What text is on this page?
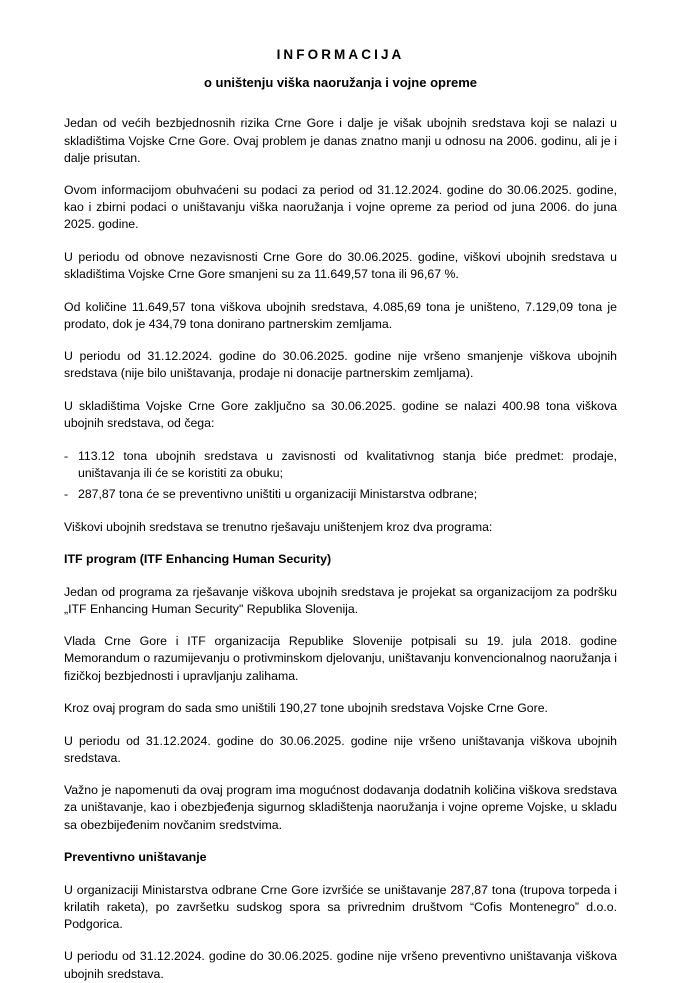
INFORMACIJA
o uništenju viška naoružanja i vojne opreme

Jedan od većih bezbjednosnih rizika Crne Gore i dalje je višak ubojnih sredstava koji se nalazi u skladištima Vojske Crne Gore. Ovaj problem je danas znatno manji u odnosu na 2006. godinu, ali je i dalje prisutan.

Ovom informacijom obuhvaćeni su podaci za period od 31.12.2024. godine do 30.06.2025. godine, kao i zbirni podaci o uništavanju viška naoružanja i vojne opreme za period od juna 2006. do juna 2025. godine.

U periodu od obnove nezavisnosti Crne Gore do 30.06.2025. godine, viškovi ubojnih sredstava u skladištima Vojske Crne Gore smanjeni su za 11.649,57 tona ili 96,67 %.

Od količine 11.649,57 tona viškova ubojnih sredstava, 4.085,69 tona je uništeno, 7.129,09 tona je prodato, dok je 434,79 tona donirano partnerskim zemljama.

U periodu od 31.12.2024. godine do 30.06.2025. godine nije vršeno smanjenje viškova ubojnih sredstava (nije bilo uništavanja, prodaje ni donacije partnerskim zemljama).

U skladištima Vojske Crne Gore zaključno sa 30.06.2025. godine se nalazi 400.98 tona viškova ubojnih sredstava, od čega:

- 113.12 tona ubojnih sredstava u zavisnosti od kvalitativnog stanja biće predmet: prodaje, uništavanja ili će se koristiti za obuku;
- 287,87 tona će se preventivno uništiti u organizaciji Ministarstva odbrane;

Viškovi ubojnih sredstava se trenutno rješavaju uništenjem kroz dva programa:

ITF program (ITF Enhancing Human Security)

Jedan od programa za rješavanje viškova ubojnih sredstava je projekat sa organizacijom za podršku „ITF Enhancing Human Security" Republika Slovenija.

Vlada Crne Gore i ITF organizacija Republike Slovenije potpisali su 19. jula 2018. godine Memorandum o razumijevanju o protivminskom djelovanju, uništavanju konvencionalnog naoružanja i fizičkoj bezbjednosti i upravljanju zalihama.

Kroz ovaj program do sada smo uništili 190,27 tone ubojnih sredstava Vojske Crne Gore.

U periodu od 31.12.2024. godine do 30.06.2025. godine nije vršeno uništavanja viškova ubojnih sredstava.

Važno je napomenuti da ovaj program ima mogućnost dodavanja dodatnih količina viškova sredstava za uništavanje, kao i obezbjeđenja sigurnog skladištenja naoružanja i vojne opreme Vojske, u skladu sa obezbijeđenim novčanim sredstvima.

Preventivno uništavanje

U organizaciji Ministarstva odbrane Crne Gore izvršiće se uništavanje 287,87 tona (trupova torpeda i krilatih raketa), po završetku sudskog spora sa privrednim društvom “Cofis Montenegro” d.o.o. Podgorica.

U periodu od 31.12.2024. godine do 30.06.2025. godine nije vršeno preventivno uništavanja viškova ubojnih sredstava.
